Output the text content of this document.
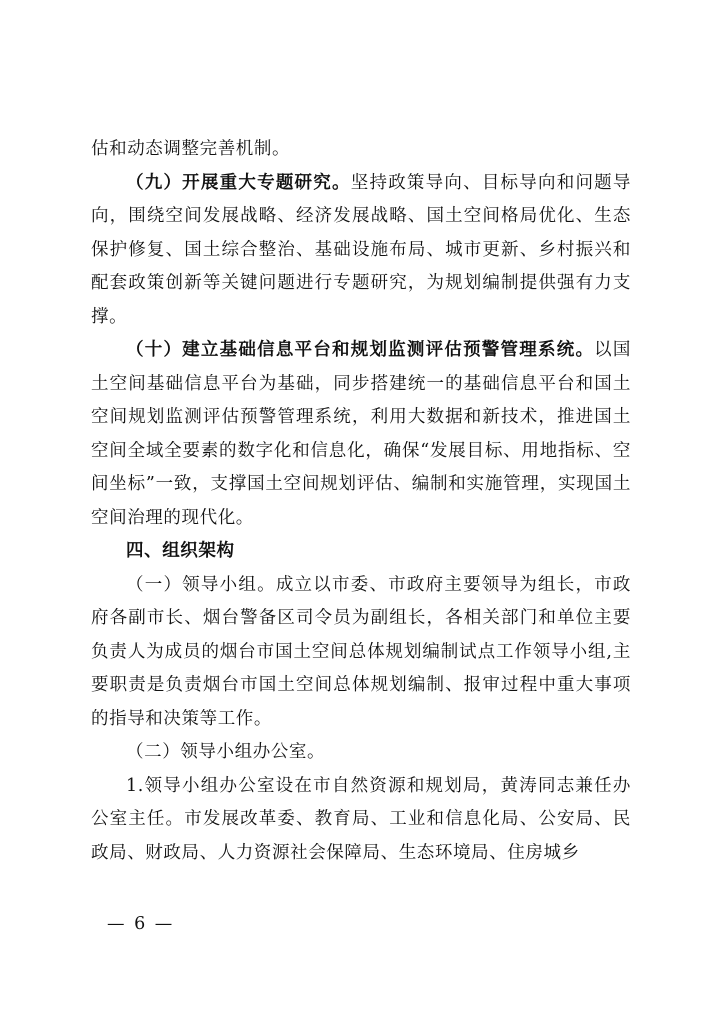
估和动态调整完善机制。

（九）开展重大专题研究。坚持政策导向、目标导向和问题导向，围绕空间发展战略、经济发展战略、国土空间格局优化、生态保护修复、国土综合整治、基础设施布局、城市更新、乡村振兴和配套政策创新等关键问题进行专题研究，为规划编制提供强有力支撑。

（十）建立基础信息平台和规划监测评估预警管理系统。以国土空间基础信息平台为基础，同步搭建统一的基础信息平台和国土空间规划监测评估预警管理系统，利用大数据和新技术，推进国土空间全域全要素的数字化和信息化，确保“发展目标、用地指标、空间坐标”一致，支撑国土空间规划评估、编制和实施管理，实现国土空间治理的现代化。

四、组织架构

（一）领导小组。成立以市委、市政府主要领导为组长，市政府各副市长、烟台警备区司令员为副组长，各相关部门和单位主要负责人为成员的烟台市国土空间总体规划编制试点工作领导小组,主要职责是负责烟台市国土空间总体规划编制、报审过程中重大事项的指导和决策等工作。

（二）领导小组办公室。

1.领导小组办公室设在市自然资源和规划局，黄涛同志兼任办公室主任。市发展改革委、教育局、工业和信息化局、公安局、民政局、财政局、人力资源社会保障局、生态环境局、住房城乡

— 6 —
